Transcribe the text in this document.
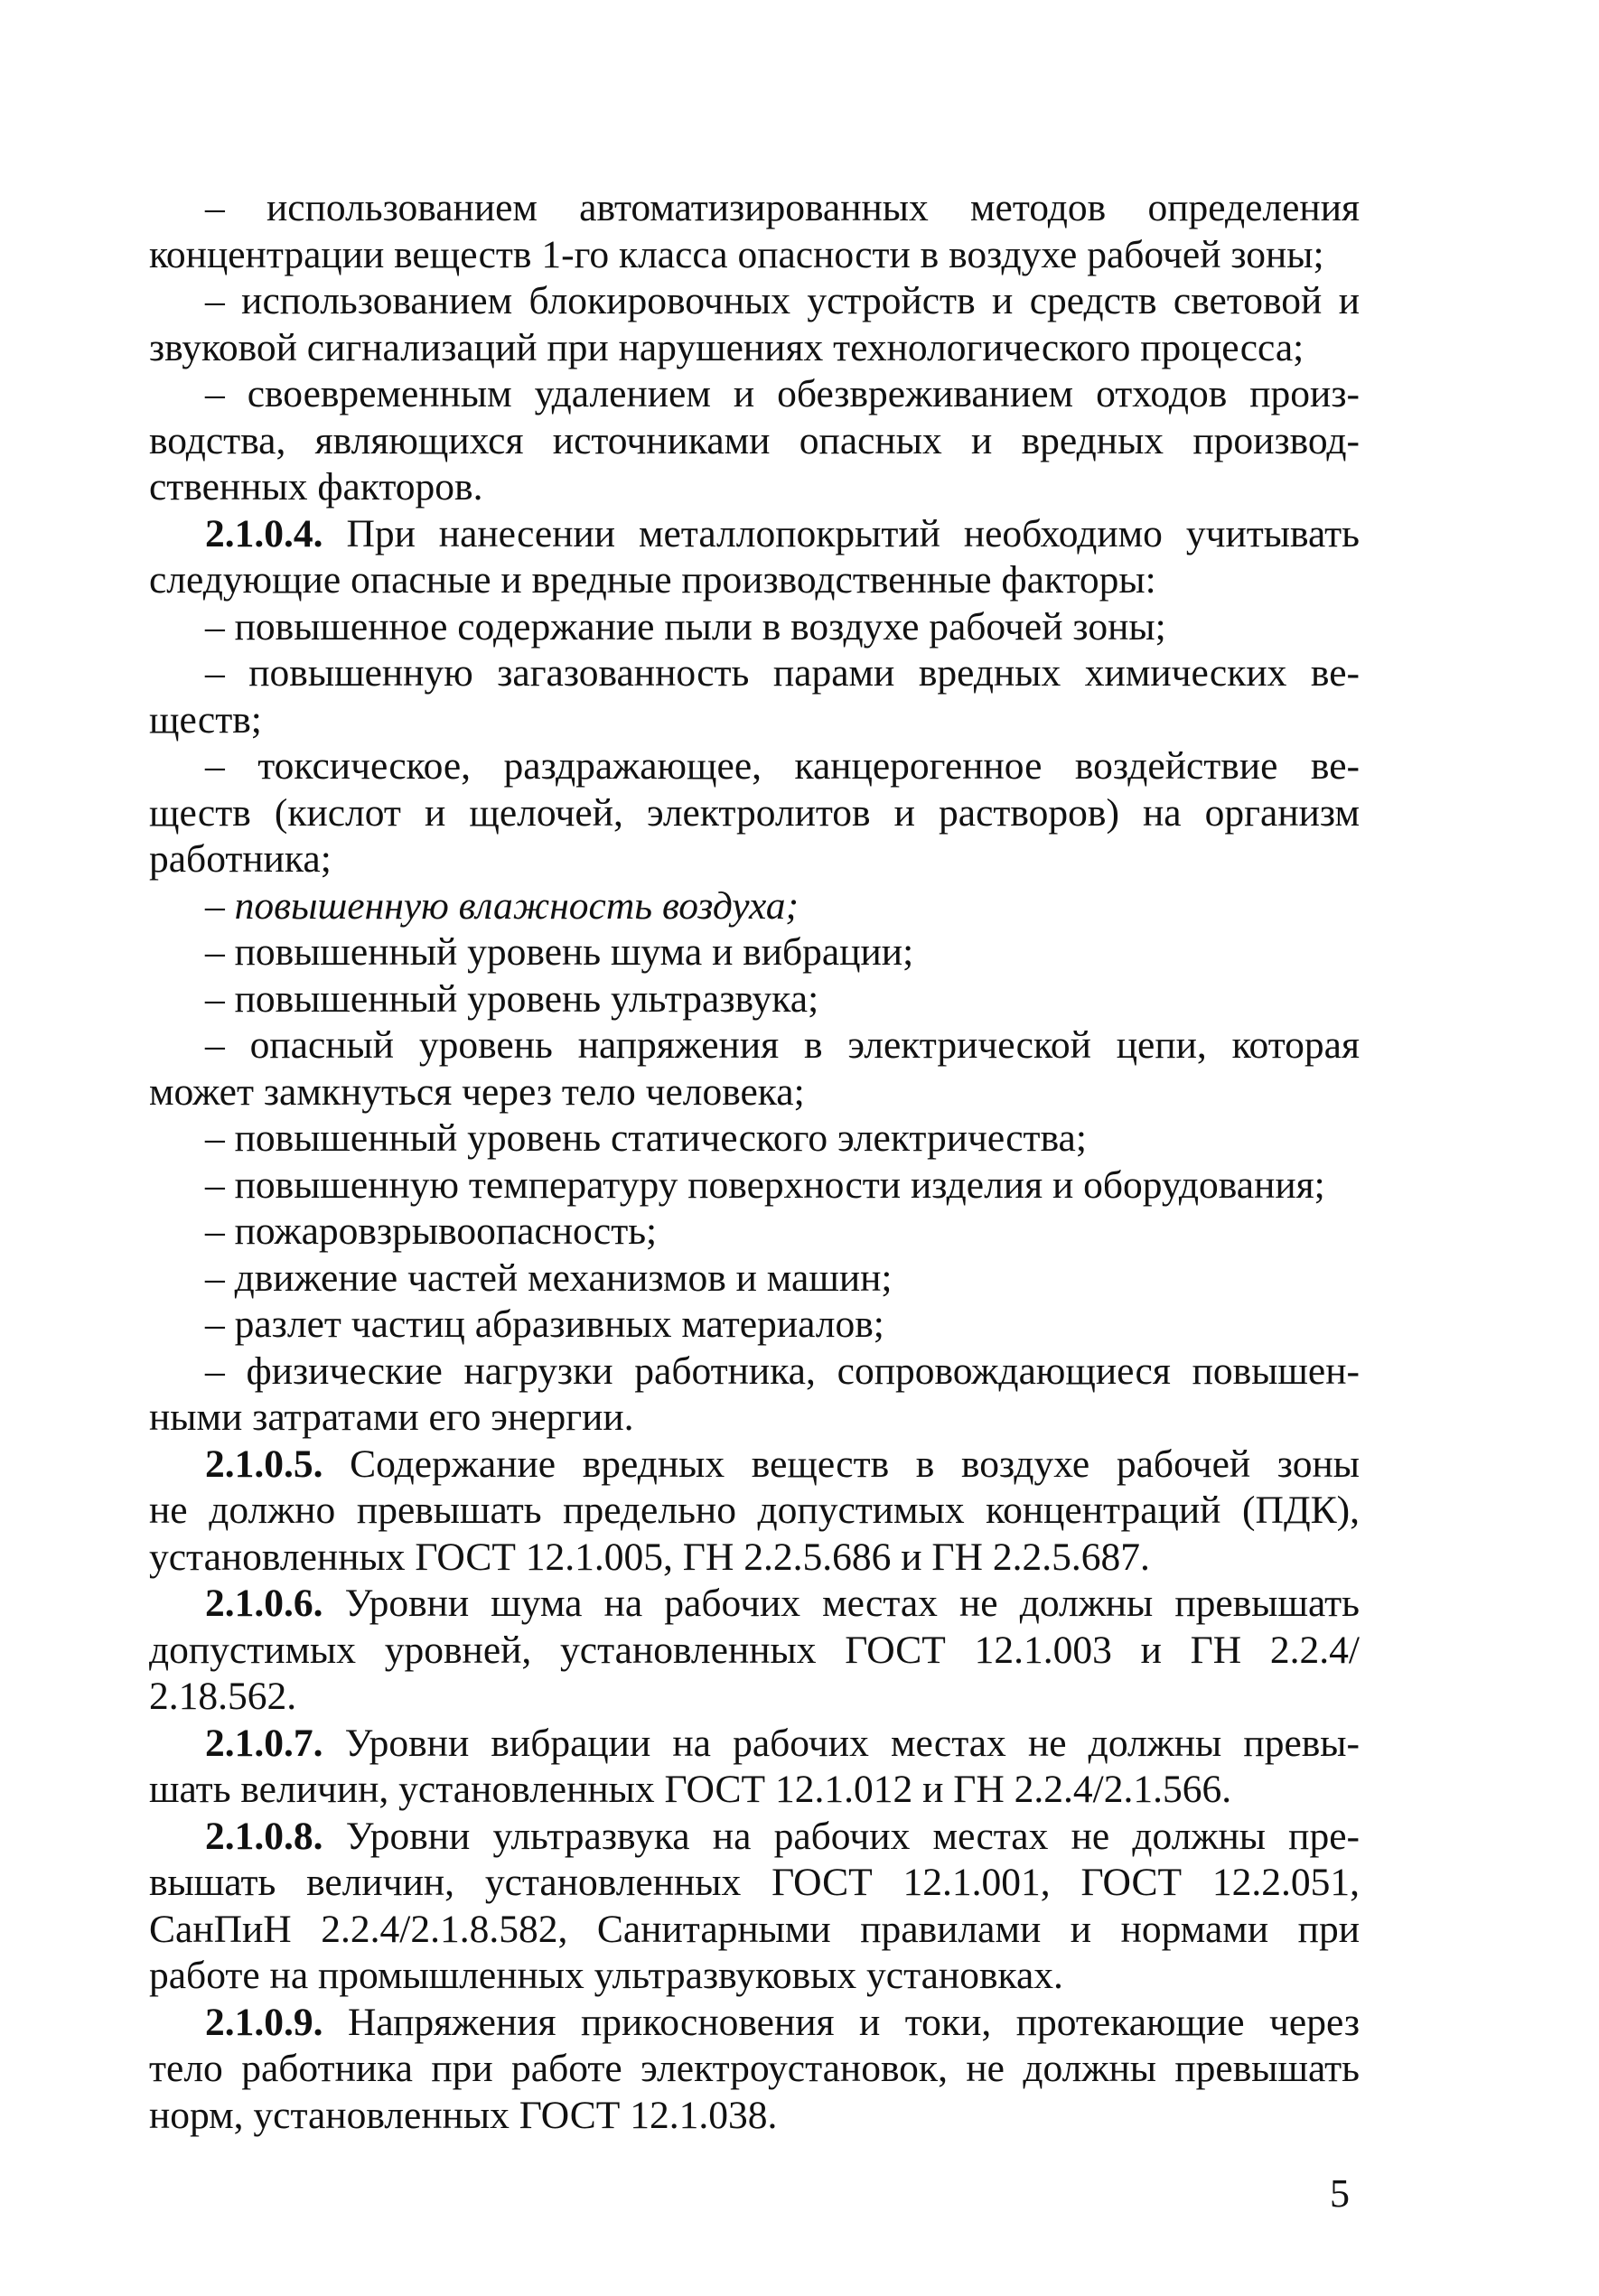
– использованием автоматизированных методов определения
концентрации веществ 1-го класса опасности в воздухе рабочей зоны;
– использованием блокировочных устройств и средств световой и
звуковой сигнализаций при нарушениях технологического процесса;
– своевременным удалением и обезвреживанием отходов произ-
водства, являющихся источниками опасных и вредных производ-
ственных факторов.
2.1.0.4. При нанесении металлопокрытий необходимо учитывать
следующие опасные и вредные производственные факторы:
– повышенное содержание пыли в воздухе рабочей зоны;
– повышенную загазованность парами вредных химических ве-
ществ;
– токсическое, раздражающее, канцерогенное воздействие ве-
ществ (кислот и щелочей, электролитов и растворов) на организм
работника;
– повышенную влажность воздуха;
– повышенный уровень шума и вибрации;
– повышенный уровень ультразвука;
– опасный уровень напряжения в электрической цепи, которая
может замкнуться через тело человека;
– повышенный уровень статического электричества;
– повышенную температуру поверхности изделия и оборудования;
– пожаровзрывоопасность;
– движение частей механизмов и машин;
– разлет частиц абразивных материалов;
– физические нагрузки работника, сопровождающиеся повышен-
ными затратами его энергии.
2.1.0.5. Содержание вредных веществ в воздухе рабочей зоны
не должно превышать предельно допустимых концентраций (ПДК),
установленных ГОСТ 12.1.005, ГН 2.2.5.686 и ГН 2.2.5.687.
2.1.0.6. Уровни шума на рабочих местах не должны превышать
допустимых уровней, установленных ГОСТ 12.1.003 и ГН 2.2.4/
2.18.562.
2.1.0.7. Уровни вибрации на рабочих местах не должны превы-
шать величин, установленных ГОСТ 12.1.012 и ГН 2.2.4/2.1.566.
2.1.0.8. Уровни ультразвука на рабочих местах не должны пре-
вышать величин, установленных ГОСТ 12.1.001, ГОСТ 12.2.051,
СанПиН 2.2.4/2.1.8.582, Санитарными правилами и нормами при
работе на промышленных ультразвуковых установках.
2.1.0.9. Напряжения прикосновения и токи, протекающие через
тело работника при работе электроустановок, не должны превышать
норм, установленных ГОСТ 12.1.038.
5
